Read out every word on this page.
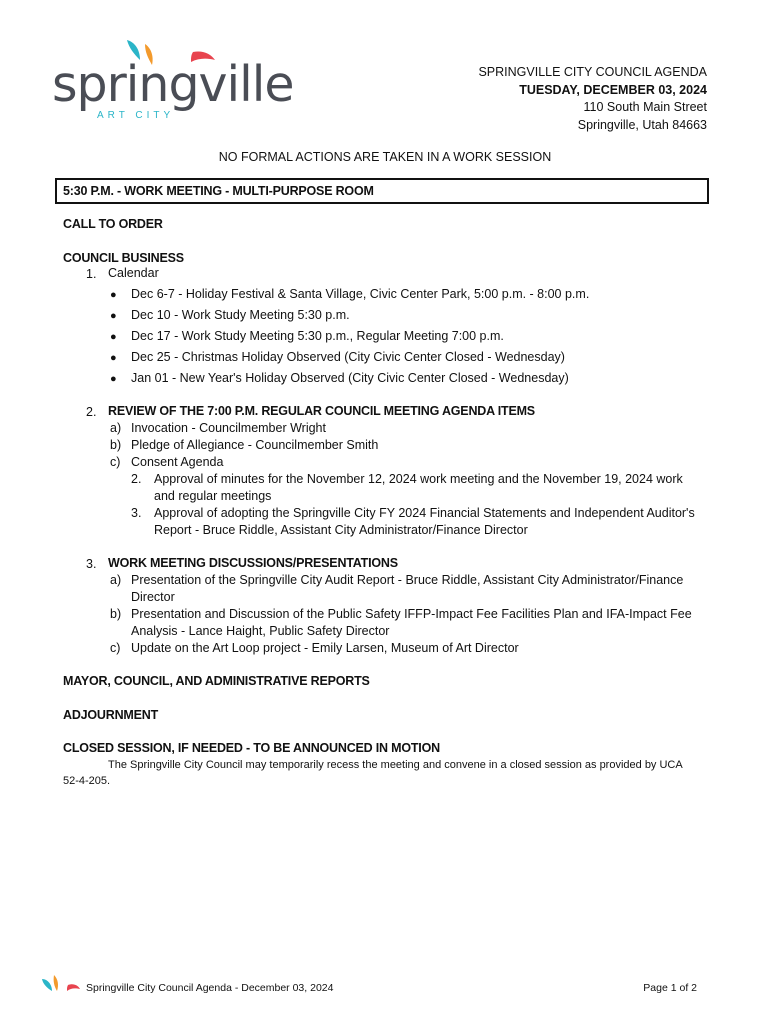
springville
ART CITY
SPRINGVILLE CITY COUNCIL AGENDA
TUESDAY, DECEMBER 03, 2024
110 South Main Street
Springville, Utah 84663
NO FORMAL ACTIONS ARE TAKEN IN A WORK SESSION
5:30 P.M. - WORK MEETING - MULTI-PURPOSE ROOM
CALL TO ORDER
COUNCIL BUSINESS
1. Calendar
● Dec 6-7 - Holiday Festival & Santa Village, Civic Center Park, 5:00 p.m. - 8:00 p.m.
● Dec 10 - Work Study Meeting 5:30 p.m.
● Dec 17 - Work Study Meeting 5:30 p.m., Regular Meeting 7:00 p.m.
● Dec 25 - Christmas Holiday Observed (City Civic Center Closed - Wednesday)
● Jan 01 - New Year's Holiday Observed (City Civic Center Closed - Wednesday)
2. REVIEW OF THE 7:00 P.M. REGULAR COUNCIL MEETING AGENDA ITEMS
a) Invocation - Councilmember Wright
b) Pledge of Allegiance - Councilmember Smith
c) Consent Agenda
2. Approval of minutes for the November 12, 2024 work meeting and the November 19, 2024 work
and regular meetings
3. Approval of adopting the Springville City FY 2024 Financial Statements and Independent Auditor's
Report - Bruce Riddle, Assistant City Administrator/Finance Director
3. WORK MEETING DISCUSSIONS/PRESENTATIONS
a) Presentation of the Springville City Audit Report - Bruce Riddle, Assistant City Administrator/Finance
Director
b) Presentation and Discussion of the Public Safety IFFP-Impact Fee Facilities Plan and IFA-Impact Fee
Analysis - Lance Haight, Public Safety Director
c) Update on the Art Loop project - Emily Larsen, Museum of Art Director
MAYOR, COUNCIL, AND ADMINISTRATIVE REPORTS
ADJOURNMENT
CLOSED SESSION, IF NEEDED - TO BE ANNOUNCED IN MOTION
The Springville City Council may temporarily recess the meeting and convene in a closed session as provided by UCA
52-4-205.
Springville City Council Agenda - December 03, 2024	Page 1 of 2
